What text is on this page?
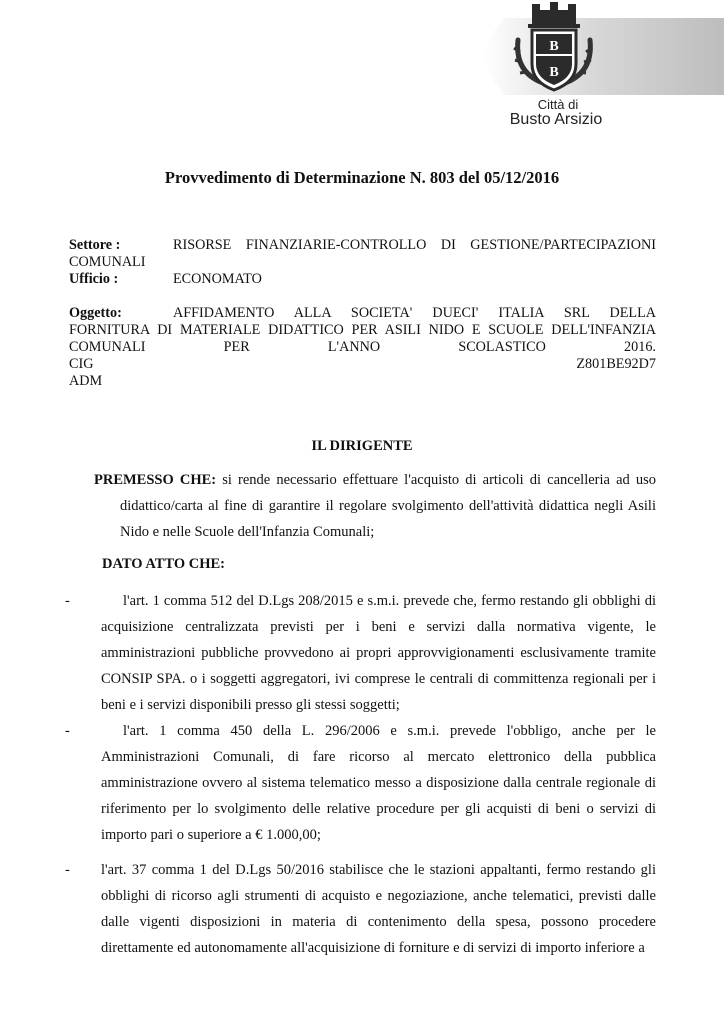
B
B
Città di
Busto Arsizio
Provvedimento di Determinazione N. 803 del 05/12/2016
Settore :	RISORSE FINANZIARIE-CONTROLLO DI GESTIONE/PARTECIPAZIONI
COMUNALI
Ufficio :	ECONOMATO
Oggetto:	AFFIDAMENTO ALLA SOCIETA' DUECI' ITALIA SRL DELLA
FORNITURA DI MATERIALE DIDATTICO PER ASILI NIDO E SCUOLE DELL'INFANZIA
COMUNALI	PER	L'ANNO	SCOLASTICO	2016.
CIG	Z801BE92D7
ADM
IL DIRIGENTE
PREMESSO CHE: si rende necessario effettuare l'acquisto di articoli di cancelleria ad uso didattico/carta al fine di garantire il regolare svolgimento dell'attività didattica negli Asili Nido e nelle Scuole dell'Infanzia Comunali;
DATO ATTO CHE:
-	l'art. 1 comma 512 del D.Lgs 208/2015 e s.m.i. prevede che, fermo restando gli obblighi di acquisizione centralizzata previsti per i beni e servizi dalla normativa vigente, le amministrazioni pubbliche provvedono ai propri approvvigionamenti esclusivamente tramite CONSIP SPA. o i soggetti aggregatori, ivi comprese le centrali di committenza regionali per i beni e i servizi disponibili presso gli stessi soggetti;
-	l'art. 1 comma 450 della L. 296/2006 e s.m.i. prevede l'obbligo, anche per le Amministrazioni Comunali, di fare ricorso al mercato elettronico della pubblica amministrazione ovvero al sistema telematico messo a disposizione dalla centrale regionale di riferimento per lo svolgimento delle relative procedure per gli acquisti di beni o servizi di importo pari o superiore a € 1.000,00;
- l'art. 37 comma 1 del D.Lgs 50/2016 stabilisce che le stazioni appaltanti, fermo restando gli obblighi di ricorso agli strumenti di acquisto e negoziazione, anche telematici, previsti dalle dalle vigenti disposizioni in materia di contenimento della spesa, possono procedere direttamente ed autonomamente all'acquisizione di forniture e di servizi di importo inferiore a
